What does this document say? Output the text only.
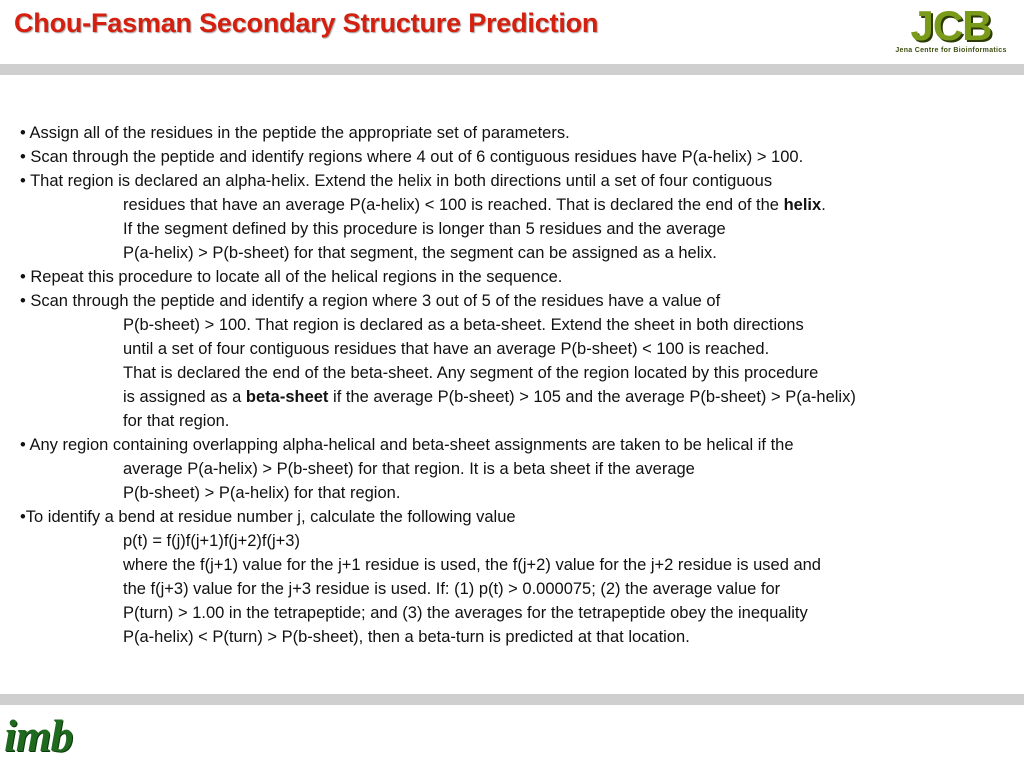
Chou-Fasman Secondary Structure Prediction	JCB
Jena Centre for Bioinformatics
• Assign all of the residues in the peptide the appropriate set of parameters.
• Scan through the peptide and identify regions where 4 out of 6 contiguous residues have P(a-helix) > 100.
• That region is declared an alpha-helix. Extend the helix in both directions until a set of four contiguous
residues that have an average P(a-helix) < 100 is reached. That is declared the end of the helix.
If the segment defined by this procedure is longer than 5 residues and the average
P(a-helix) > P(b-sheet) for that segment, the segment can be assigned as a helix.
• Repeat this procedure to locate all of the helical regions in the sequence.
• Scan through the peptide and identify a region where 3 out of 5 of the residues have a value of
P(b-sheet) > 100. That region is declared as a beta-sheet. Extend the sheet in both directions
until a set of four contiguous residues that have an average P(b-sheet) < 100 is reached.
That is declared the end of the beta-sheet. Any segment of the region located by this procedure
is assigned as a beta-sheet if the average P(b-sheet) > 105 and the average P(b-sheet) > P(a-helix)
for that region.
• Any region containing overlapping alpha-helical and beta-sheet assignments are taken to be helical if the
average P(a-helix) > P(b-sheet) for that region. It is a beta sheet if the average
P(b-sheet) > P(a-helix) for that region.
•To identify a bend at residue number j, calculate the following value
p(t) = f(j)f(j+1)f(j+2)f(j+3)
where the f(j+1) value for the j+1 residue is used, the f(j+2) value for the j+2 residue is used and
the f(j+3) value for the j+3 residue is used. If: (1) p(t) > 0.000075; (2) the average value for
P(turn) > 1.00 in the tetrapeptide; and (3) the averages for the tetrapeptide obey the inequality
P(a-helix) < P(turn) > P(b-sheet), then a beta-turn is predicted at that location.
imb
